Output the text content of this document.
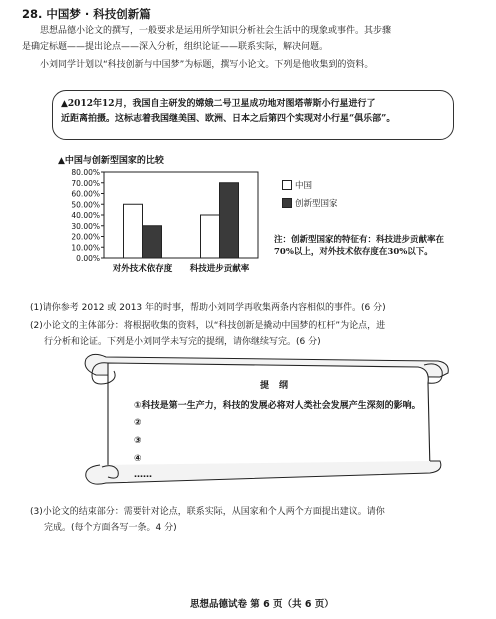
28. 中国梦 · 科技创新篇
思想品德小论文的撰写，一般要求是运用所学知识分析社会生活中的现象或事件。其步骤
是确定标题——提出论点——深入分析，组织论证——联系实际，解决问题。
小刘同学计划以“科技创新与中国梦”为标题，撰写小论文。下列是他收集到的资料。
▲2012年12月，我国自主研发的嫦娥二号卫星成功地对图塔蒂斯小行星进行了
近距离拍摄。这标志着我国继美国、欧洲、日本之后第四个实现对小行星“俱乐部”。
▲中国与创新型国家的比较
0.00%
10.00%
20.00%
30.00%
40.00%
50.00%
60.00%
70.00%
80.00%
对外技术依存度 科技进步贡献率
中国
创新型国家
注：创新型国家的特征有：科技进步贡献率在70%以上，对外技术依存度在30%以下。
(1)请你参考 2012 或 2013 年的时事，帮助小刘同学再收集两条内容相似的事件。(6 分)
(2)小论文的主体部分：将根据收集的资料，以“科技创新是撬动中国梦的杠杆”为论点，进
行分析和论证。下列是小刘同学未写完的提纲，请你继续写完。(6 分)
提纲
①科技是第一生产力，科技的发展必将对人类社会发展产生深刻的影响。
②
③
④
……
(3)小论文的结束部分：需要针对论点，联系实际，从国家和个人两个方面提出建议。请你
完成。(每个方面各写一条。4 分)
思想品德试卷 第 6 页（共 6 页）
